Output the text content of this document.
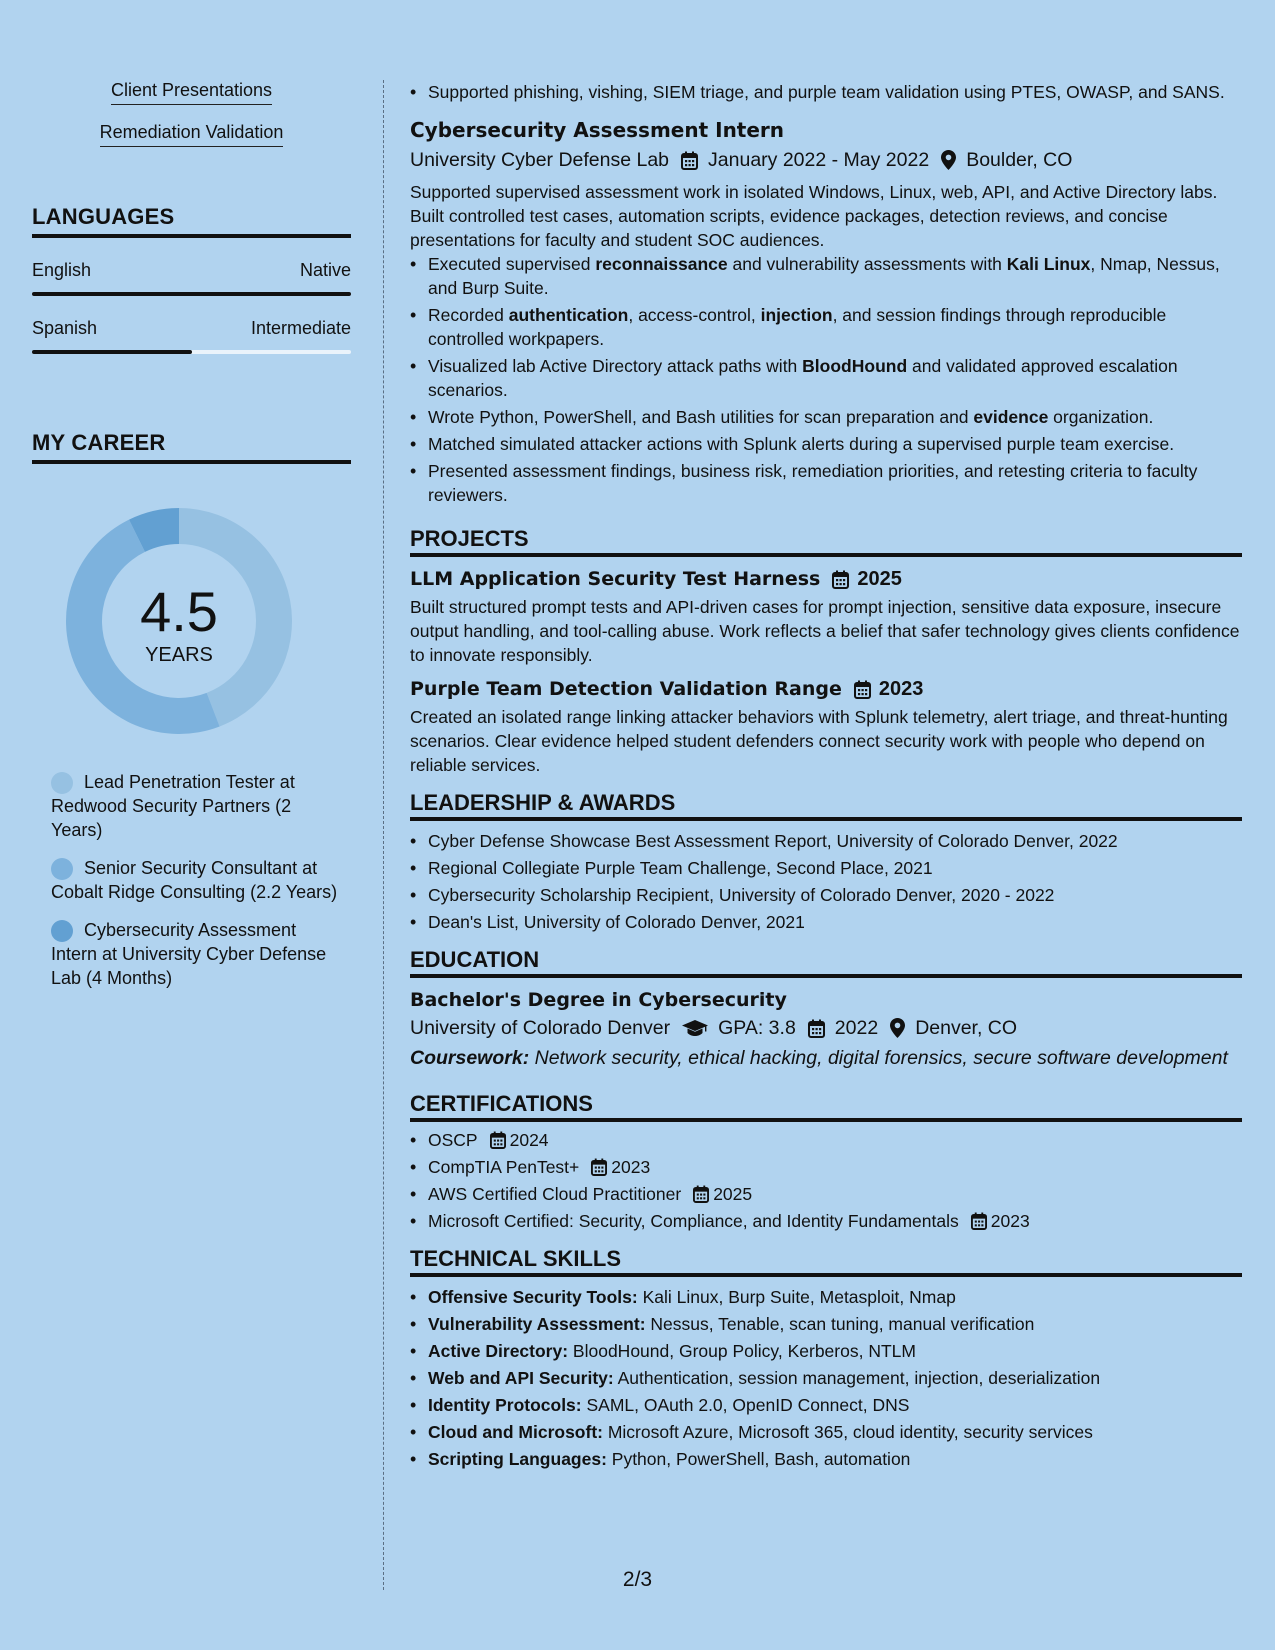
Client Presentations
Remediation Validation
LANGUAGES
English	Native
Spanish	Intermediate
MY CAREER
4.5
YEARS
Lead Penetration Tester at Redwood Security Partners (2 Years)
Senior Security Consultant at Cobalt Ridge Consulting (2.2 Years)
Cybersecurity Assessment Intern at University Cyber Defense Lab (4 Months)
• Supported phishing, vishing, SIEM triage, and purple team validation using PTES, OWASP, and SANS.
Cybersecurity Assessment Intern
University Cyber Defense Lab January 2022 - May 2022 Boulder, CO
Supported supervised assessment work in isolated Windows, Linux, web, API, and Active Directory labs. Built controlled test cases, automation scripts, evidence packages, detection reviews, and concise presentations for faculty and student SOC audiences.
• Executed supervised reconnaissance and vulnerability assessments with Kali Linux, Nmap, Nessus, and Burp Suite.
• Recorded authentication, access-control, injection, and session findings through reproducible controlled workpapers.
• Visualized lab Active Directory attack paths with BloodHound and validated approved escalation scenarios.
• Wrote Python, PowerShell, and Bash utilities for scan preparation and evidence organization.
• Matched simulated attacker actions with Splunk alerts during a supervised purple team exercise.
• Presented assessment findings, business risk, remediation priorities, and retesting criteria to faculty reviewers.
PROJECTS
LLM Application Security Test Harness 2025
Built structured prompt tests and API-driven cases for prompt injection, sensitive data exposure, insecure output handling, and tool-calling abuse. Work reflects a belief that safer technology gives clients confidence to innovate responsibly.
Purple Team Detection Validation Range 2023
Created an isolated range linking attacker behaviors with Splunk telemetry, alert triage, and threat-hunting scenarios. Clear evidence helped student defenders connect security work with people who depend on reliable services.
LEADERSHIP & AWARDS
• Cyber Defense Showcase Best Assessment Report, University of Colorado Denver, 2022
• Regional Collegiate Purple Team Challenge, Second Place, 2021
• Cybersecurity Scholarship Recipient, University of Colorado Denver, 2020 - 2022
• Dean's List, University of Colorado Denver, 2021
EDUCATION
Bachelor's Degree in Cybersecurity
University of Colorado Denver GPA: 3.8 2022 Denver, CO
Coursework: Network security, ethical hacking, digital forensics, secure software development
CERTIFICATIONS
• OSCP 2024
• CompTIA PenTest+ 2023
• AWS Certified Cloud Practitioner 2025
• Microsoft Certified: Security, Compliance, and Identity Fundamentals 2023
TECHNICAL SKILLS
• Offensive Security Tools: Kali Linux, Burp Suite, Metasploit, Nmap
• Vulnerability Assessment: Nessus, Tenable, scan tuning, manual verification
• Active Directory: BloodHound, Group Policy, Kerberos, NTLM
• Web and API Security: Authentication, session management, injection, deserialization
• Identity Protocols: SAML, OAuth 2.0, OpenID Connect, DNS
• Cloud and Microsoft: Microsoft Azure, Microsoft 365, cloud identity, security services
• Scripting Languages: Python, PowerShell, Bash, automation
2/3
